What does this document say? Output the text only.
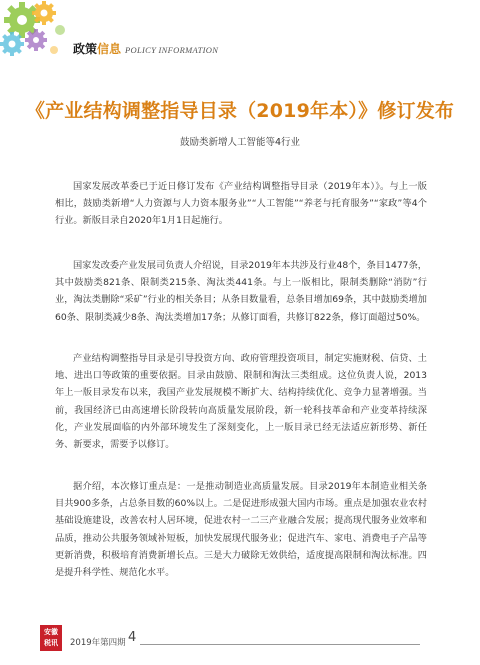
政策信息 POLICY INFORMATION
《产业结构调整指导目录（2019年本）》修订发布
鼓励类新增人工智能等4行业

国家发展改革委已于近日修订发布《产业结构调整指导目录（2019年本）》。与上一版相比，鼓励类新增“人力资源与人力资本服务业”“人工智能”“养老与托育服务”“家政”等4个行业。新版目录自2020年1月1日起施行。

国家发改委产业发展司负责人介绍说，目录2019年本共涉及行业48个，条目1477条，其中鼓励类821条、限制类215条、淘汰类441条。与上一版相比，限制类删除“消防”行业，淘汰类删除“采矿”行业的相关条目；从条目数量看，总条目增加69条，其中鼓励类增加60条、限制类减少8条、淘汰类增加17条；从修订面看，共修订822条，修订面超过50%。

产业结构调整指导目录是引导投资方向、政府管理投资项目，制定实施财税、信贷、土地、进出口等政策的重要依据。目录由鼓励、限制和淘汰三类组成。这位负责人说，2013年上一版目录发布以来，我国产业发展规模不断扩大、结构持续优化、竞争力显著增强。当前，我国经济已由高速增长阶段转向高质量发展阶段，新一轮科技革命和产业变革持续深化，产业发展面临的内外部环境发生了深刻变化，上一版目录已经无法适应新形势、新任务、新要求，需要予以修订。

据介绍，本次修订重点是：一是推动制造业高质量发展。目录2019年本制造业相关条目共900多条，占总条目数的60%以上。二是促进形成强大国内市场。重点是加强农业农村基础设施建设，改善农村人居环境，促进农村一二三产业融合发展；提高现代服务业效率和品质，推动公共服务领域补短板，加快发展现代服务业；促进汽车、家电、消费电子产品等更新消费，积极培育消费新增长点。三是大力破除无效供给，适度提高限制和淘汰标准。四是提升科学性、规范化水平。

安徽
税讯	2019年第四期 4
